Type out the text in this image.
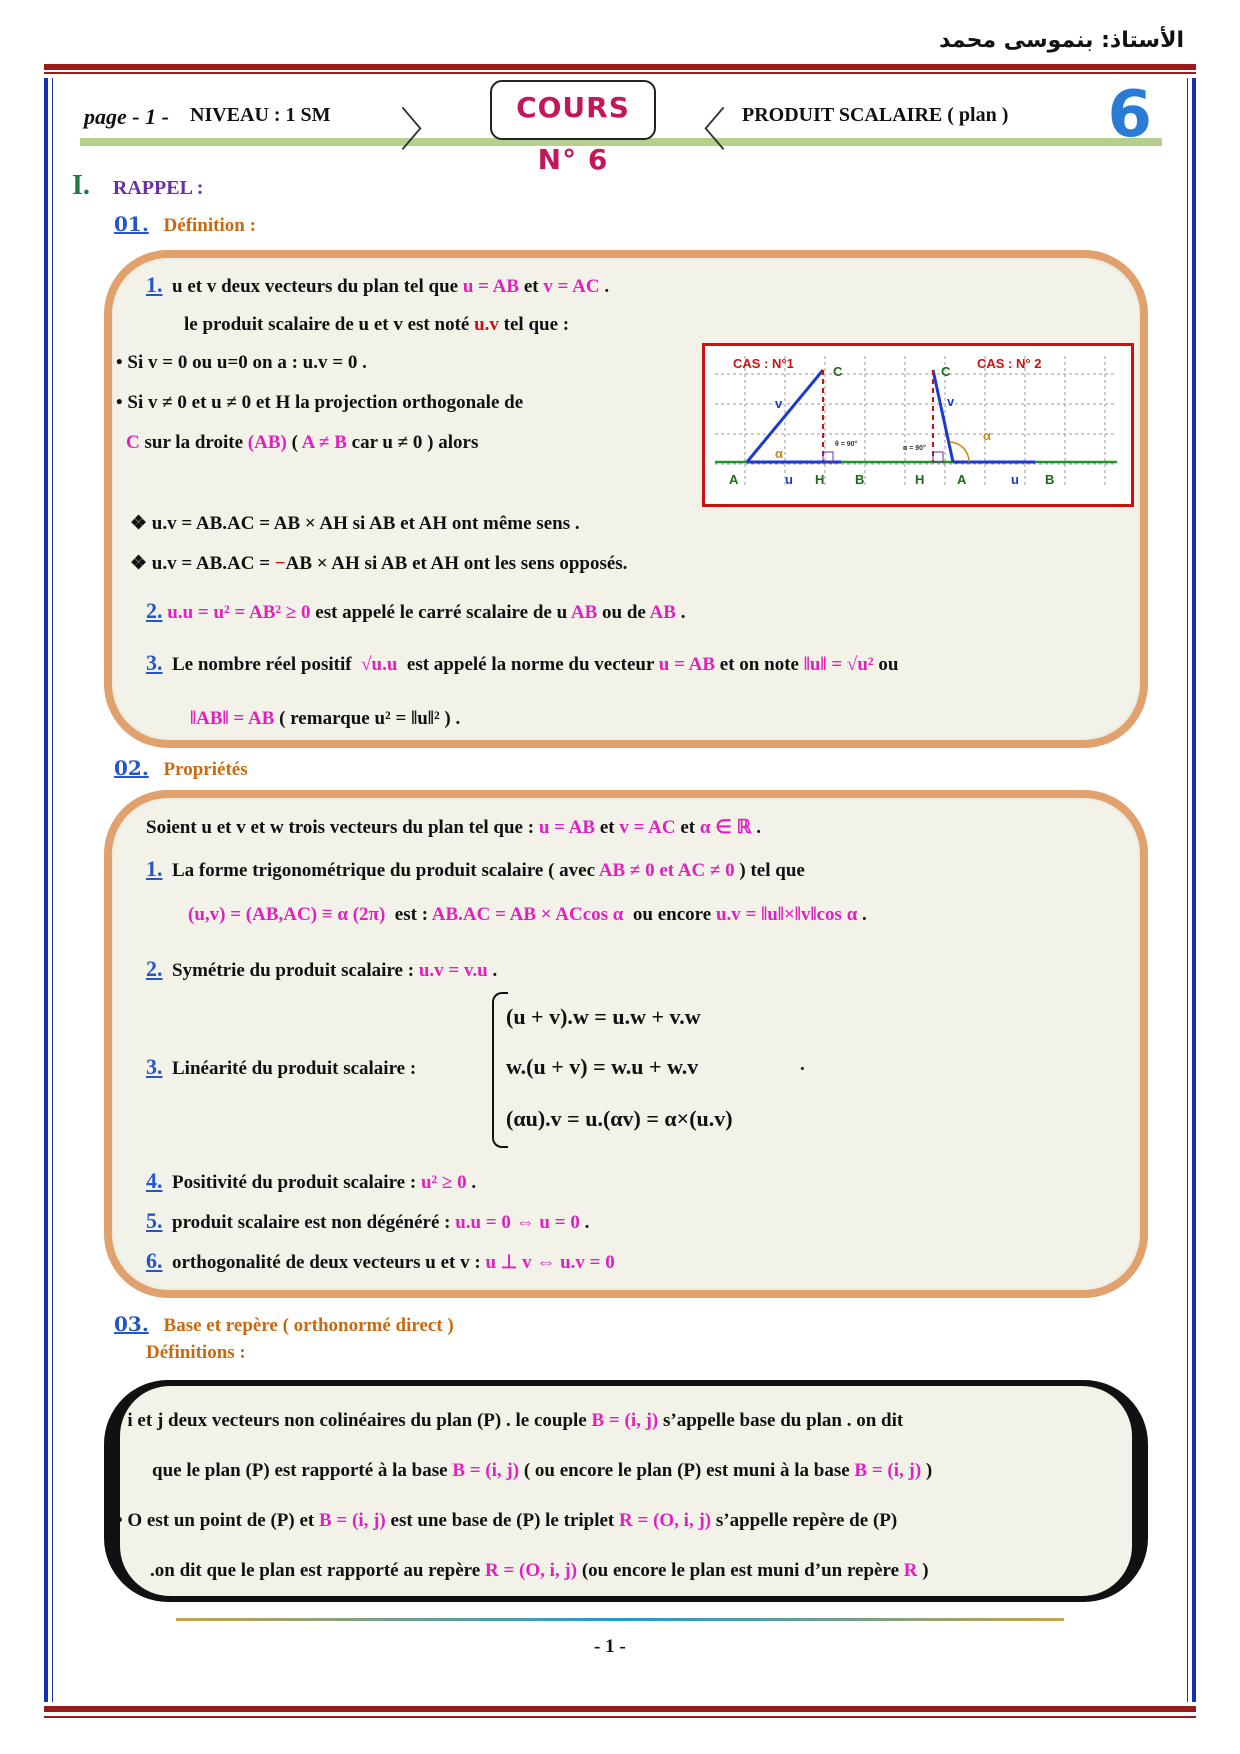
الأستاذ: بنموسى محمد
page - 1 - NIVEAU : 1 SM 〉	COURS N° 6
〈 PRODUIT SCALAIRE ( plan ) 6
I. RAPPEL :
01. Définition :
1. u et v deux vecteurs du plan tel que u = AB et v = AC .
le produit scalaire de u et v est noté u.v tel que :
• Si v = 0 ou u=0 on a : u.v = 0 .
• Si v ≠ 0 et u ≠ 0 et H la projection orthogonale de
C sur la droite (AB) ( A ≠ B car u ≠ 0 ) alors
CAS : N°1	CAS : N° 2
A	H B
C
u
v
α
H	A	B
C
u
v
α
θ = 90°
α = 90°
❖ u.v = AB.AC = AB × AH si AB et AH ont même sens .
❖ u.v = AB.AC = −AB × AH si AB et AH ont les sens opposés.
2. u.u = u² = AB² ≥ 0 est appelé le carré scalaire de u AB ou de AB .
3. Le nombre réel positif √u.u est appelé la norme du vecteur u = AB et on note ‖u‖ = √u² ou
‖AB‖ = AB ( remarque u² = ‖u‖² ) .
02. Propriétés
Soient u et v et w trois vecteurs du plan tel que : u = AB et v = AC et α ∈ ℝ .
1. La forme trigonométrique du produit scalaire ( avec AB ≠ 0 et AC ≠ 0 ) tel que
(u,v) = (AB,AC) ≡ α (2π) est : AB.AC = AB × ACcos α ou encore u.v = ‖u‖×‖v‖cos α .
2. Symétrie du produit scalaire : u.v = v.u .
3. Linéarité du produit scalaire :
(u + v).w = u.w + v.w
w.(u + v) = w.u + w.v
(αu).v = u.(αv) = α×(u.v)
.
4. Positivité du produit scalaire : u² ≥ 0 .
5. produit scalaire est non dégénéré : u.u = 0 ⇔ u = 0 .
6. orthogonalité de deux vecteurs u et v : u ⊥ v ⇔ u.v = 0
03. Base et repère ( orthonormé direct )
Définitions :
• i et j deux vecteurs non colinéaires du plan (P) . le couple B = (i, j) s’appelle base du plan . on dit
que le plan (P) est rapporté à la base B = (i, j) ( ou encore le plan (P) est muni à la base B = (i, j) )
• O est un point de (P) et B = (i, j) est une base de (P) le triplet R = (O, i, j) s’appelle repère de (P)
.on dit que le plan est rapporté au repère R = (O, i, j) (ou encore le plan est muni d’un repère R )
- 1 -
